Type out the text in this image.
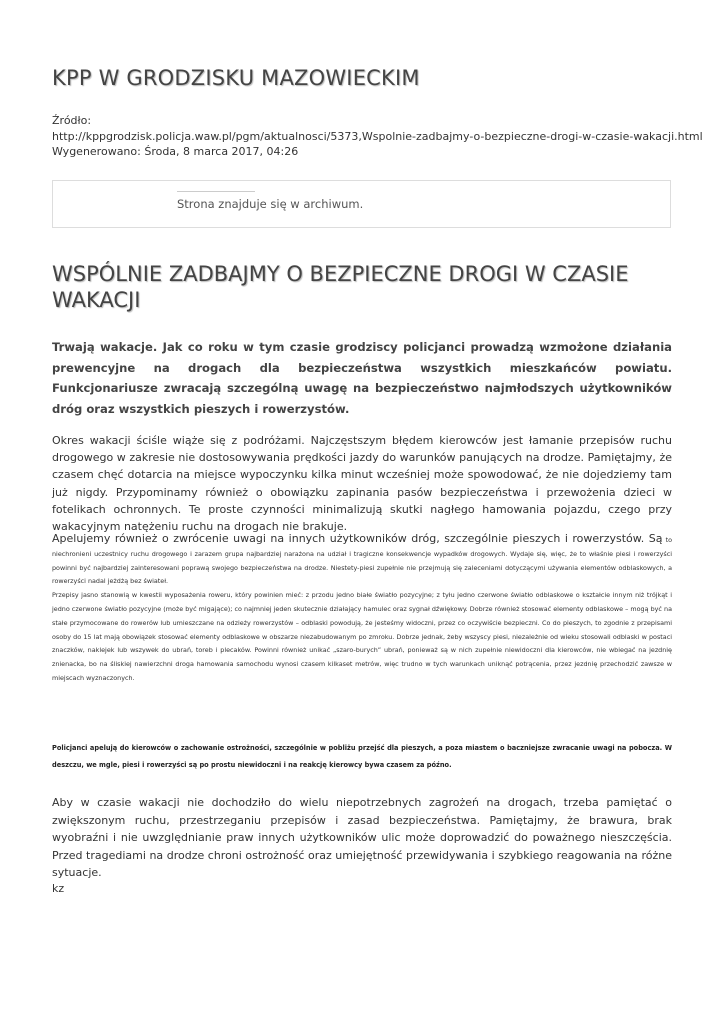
KPP W GRODZISKU MAZOWIECKIM
Źródło:
http://kppgrodzisk.policja.waw.pl/pgm/aktualnosci/5373,Wspolnie-zadbajmy-o-bezpieczne-drogi-w-czasie-wakacji.html
Wygenerowano: Środa, 8 marca 2017, 04:26
Strona znajduje się w archiwum.
WSPÓLNIE ZADBAJMY O BEZPIECZNE DROGI W CZASIE WAKACJI

Trwają wakacje. Jak co roku w tym czasie grodziscy policjanci prowadzą wzmożone działania prewencyjne na drogach dla bezpieczeństwa wszystkich mieszkańców powiatu. Funkcjonariusze zwracają szczególną uwagę na bezpieczeństwo najmłodszych użytkowników dróg oraz wszystkich pieszych i rowerzystów.

Okres wakacji ściśle wiąże się z podróżami. Najczęstszym błędem kierowców jest łamanie przepisów ruchu drogowego w zakresie nie dostosowywania prędkości jazdy do warunków panujących na drodze. Pamiętajmy, że czasem chęć dotarcia na miejsce wypoczynku kilka minut wcześniej może spowodować, że nie dojedziemy tam już nigdy. Przypominamy również o obowiązku zapinania pasów bezpieczeństwa i przewożenia dzieci w fotelikach ochronnych. Te proste czynności minimalizują skutki nagłego hamowania pojazdu, czego przy wakacyjnym natężeniu ruchu na drogach nie brakuje.

Apelujemy również o zwrócenie uwagi na innych użytkowników dróg, szczególnie pieszych i rowerzystów. Są to niechronieni uczestnicy ruchu drogowego i zarazem grupa najbardziej narażona na udział i tragiczne konsekwencje wypadków drogowych. Wydaje się, więc, że to właśnie piesi i rowerzyści powinni być najbardziej zainteresowani poprawą swojego bezpieczeństwa na drodze. Niestety-piesi zupełnie nie przejmują się zaleceniami dotyczącymi używania elementów odblaskowych, a rowerzyści nadal jeżdżą bez świateł.
Przepisy jasno stanowią w kwestii wyposażenia roweru, który powinien mieć: z przodu jedno białe światło pozycyjne; z tyłu jedno czerwone światło odblaskowe o kształcie innym niż trójkąt i jedno czerwone światło pozycyjne (może być migające); co najmniej jeden skutecznie działający hamulec oraz sygnał dźwiękowy. Dobrze również stosować elementy odblaskowe – mogą być na stałe przymocowane do rowerów lub umieszczane na odzieży rowerzystów – odblaski powodują, że jesteśmy widoczni, przez co oczywiście bezpieczni. Co do pieszych, to zgodnie z przepisami osoby do 15 lat mają obowiązek stosować elementy odblaskowe w obszarze niezabudowanym po zmroku. Dobrze jednak, żeby wszyscy piesi, niezależnie od wieku stosowali odblaski w postaci znaczków, naklejek lub wszywek do ubrań, toreb i plecaków. Powinni również unikać „szaro-burych” ubrań, ponieważ są w nich zupełnie niewidoczni dla kierowców, nie wbiegać na jezdnię znienacka, bo na śliskiej nawierzchni droga hamowania samochodu wynosi czasem kilkaset metrów, więc trudno w tych warunkach uniknąć potrącenia, przez jezdnię przechodzić zawsze w miejscach wyznaczonych.

Policjanci apelują do kierowców o zachowanie ostrożności, szczególnie w pobliżu przejść dla pieszych, a poza miastem o baczniejsze zwracanie uwagi na pobocza. W deszczu, we mgle, piesi i rowerzyści są po prostu niewidoczni i na reakcję kierowcy bywa czasem za późno.

Aby w czasie wakacji nie dochodziło do wielu niepotrzebnych zagrożeń na drogach, trzeba pamiętać o zwiększonym ruchu, przestrzeganiu przepisów i zasad bezpieczeństwa. Pamiętajmy, że brawura, brak wyobraźni i nie uwzględnianie praw innych użytkowników ulic może doprowadzić do poważnego nieszczęścia. Przed tragediami na drodze chroni ostrożność oraz umiejętność przewidywania i szybkiego reagowania na różne sytuacje.

kz
